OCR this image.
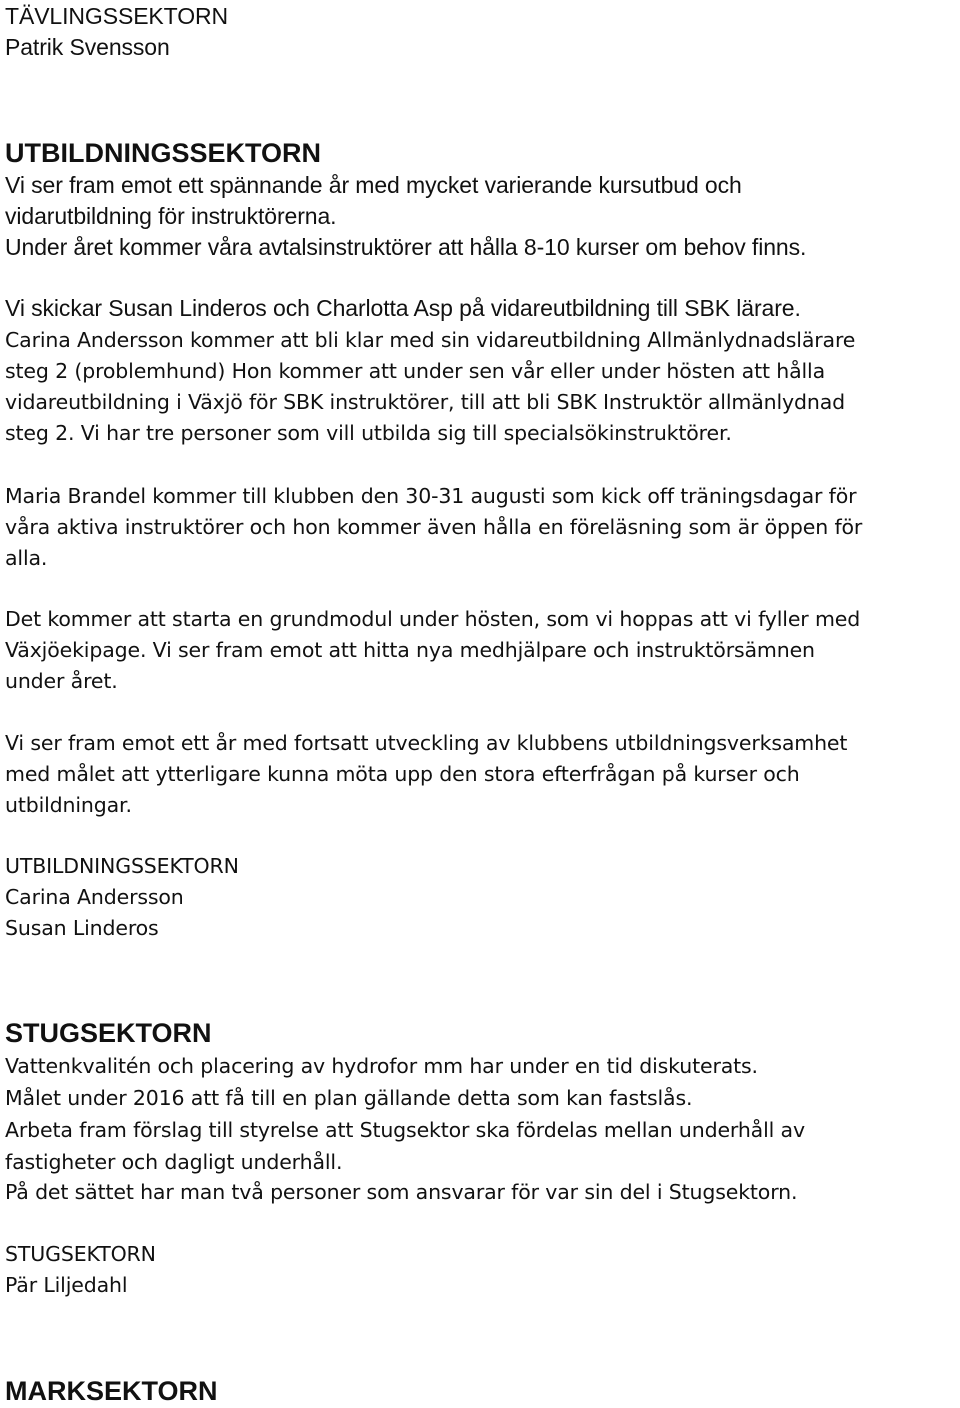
TÄVLINGSSEKTORN
Patrik Svensson
UTBILDNINGSSEKTORN
Vi ser fram emot ett spännande år med mycket varierande kursutbud och
vidarutbildning för instruktörerna.
Under året kommer våra avtalsinstruktörer att hålla 8-10 kurser om behov finns.
Vi skickar Susan Linderos och Charlotta Asp på vidareutbildning till SBK lärare.
Carina Andersson kommer att bli klar med sin vidareutbildning Allmänlydnadslärare
steg 2 (problemhund) Hon kommer att under sen vår eller under hösten att hålla
vidareutbildning i Växjö för SBK instruktörer, till att bli SBK Instruktör allmänlydnad
steg 2. Vi har tre personer som vill utbilda sig till specialsökinstruktörer.
Maria Brandel kommer till klubben den 30-31 augusti som kick off träningsdagar för
våra aktiva instruktörer och hon kommer även hålla en föreläsning som är öppen för
alla.
Det kommer att starta en grundmodul under hösten, som vi hoppas att vi fyller med
Växjöekipage. Vi ser fram emot att hitta nya medhjälpare och instruktörsämnen
under året.
Vi ser fram emot ett år med fortsatt utveckling av klubbens utbildningsverksamhet
med målet att ytterligare kunna möta upp den stora efterfrågan på kurser och
utbildningar.
UTBILDNINGSSEKTORN
Carina Andersson
Susan Linderos
STUGSEKTORN
Vattenkvalitén och placering av hydrofor mm har under en tid diskuterats.
Målet under 2016 att få till en plan gällande detta som kan fastslås.
Arbeta fram förslag till styrelse att Stugsektor ska fördelas mellan underhåll av
fastigheter och dagligt underhåll.
På det sättet har man två personer som ansvarar för var sin del i Stugsektorn.
STUGSEKTORN
Pär Liljedahl
MARKSEKTORN
